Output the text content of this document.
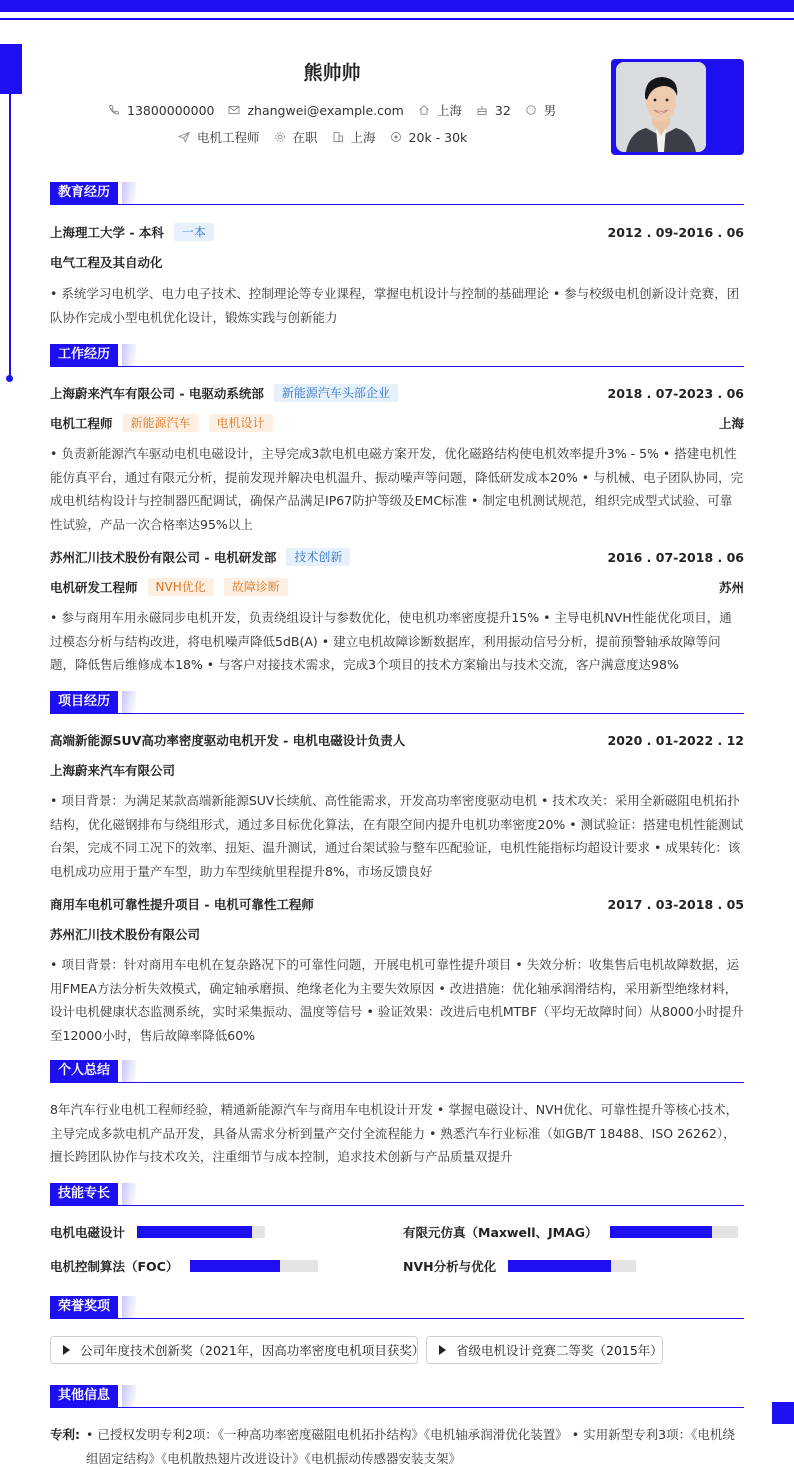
熊帅帅
13800000000	zhangwei@example.com	上海	32	男
电机工程师	在职	上海	20k - 30k
教育经历
上海理工大学 - 本科	一本	2012 . 09-2016 . 06
电气工程及其自动化

• 系统学习电机学、电力电子技术、控制理论等专业课程，掌握电机设计与控制的基础理论 • 参与校级电机创新设计竞赛，团队协作完成小型电机优化设计，锻炼实践与创新能力

工作经历
上海蔚来汽车有限公司 - 电驱动系统部	新能源汽车头部企业	2018 . 07-2023 . 06
电机工程师	新能源汽车	电机设计	上海

• 负责新能源汽车驱动电机电磁设计，主导完成3款电机电磁方案开发，优化磁路结构使电机效率提升3% - 5% • 搭建电机性能仿真平台，通过有限元分析，提前发现并解决电机温升、振动噪声等问题，降低研发成本20% • 与机械、电子团队协同，完成电机结构设计与控制器匹配调试，确保产品满足IP67防护等级及EMC标准 • 制定电机测试规范，组织完成型式试验、可靠性试验，产品一次合格率达95%以上

苏州汇川技术股份有限公司 - 电机研发部	技术创新	2016 . 07-2018 . 06
电机研发工程师	NVH优化	故障诊断	苏州

• 参与商用车用永磁同步电机开发，负责绕组设计与参数优化，使电机功率密度提升15% • 主导电机NVH性能优化项目，通过模态分析与结构改进，将电机噪声降低5dB(A) • 建立电机故障诊断数据库，利用振动信号分析，提前预警轴承故障等问题，降低售后维修成本18% • 与客户对接技术需求，完成3个项目的技术方案输出与技术交流，客户满意度达98%

项目经历
高端新能源SUV高功率密度驱动电机开发 - 电机电磁设计负责人	2020 . 01-2022 . 12
上海蔚来汽车有限公司

• 项目背景：为满足某款高端新能源SUV长续航、高性能需求，开发高功率密度驱动电机 • 技术攻关：采用全新磁阻电机拓扑结构，优化磁钢排布与绕组形式，通过多目标优化算法，在有限空间内提升电机功率密度20% • 测试验证：搭建电机性能测试台架，完成不同工况下的效率、扭矩、温升测试，通过台架试验与整车匹配验证，电机性能指标均超设计要求 • 成果转化：该电机成功应用于量产车型，助力车型续航里程提升8%，市场反馈良好

商用车电机可靠性提升项目 - 电机可靠性工程师	2017 . 03-2018 . 05
苏州汇川技术股份有限公司

• 项目背景：针对商用车电机在复杂路况下的可靠性问题，开展电机可靠性提升项目 • 失效分析：收集售后电机故障数据，运用FMEA方法分析失效模式，确定轴承磨损、绝缘老化为主要失效原因 • 改进措施：优化轴承润滑结构，采用新型绝缘材料，设计电机健康状态监测系统，实时采集振动、温度等信号 • 验证效果：改进后电机MTBF（平均无故障时间）从8000小时提升至12000小时，售后故障率降低60%

个人总结

8年汽车行业电机工程师经验，精通新能源汽车与商用车电机设计开发 • 掌握电磁设计、NVH优化、可靠性提升等核心技术，主导完成多款电机产品开发，具备从需求分析到量产交付全流程能力 • 熟悉汽车行业标准（如GB/T 18488、ISO 26262），擅长跨团队协作与技术攻关，注重细节与成本控制，追求技术创新与产品质量双提升

技能专长
电机电磁设计	有限元仿真（Maxwell、JMAG）
电机控制算法（FOC）	NVH分析与优化
荣誉奖项
公司年度技术创新奖（2021年，因高功率密度电机项目获奖）	省级电机设计竞赛二等奖（2015年）
其他信息
专利: • 已授权发明专利2项：《一种高功率密度磁阻电机拓扑结构》《电机轴承润滑优化装置》 • 实用新型专利3项：《电机绕组固定结构》《电机散热翅片改进设计》《电机振动传感器安装支架》
